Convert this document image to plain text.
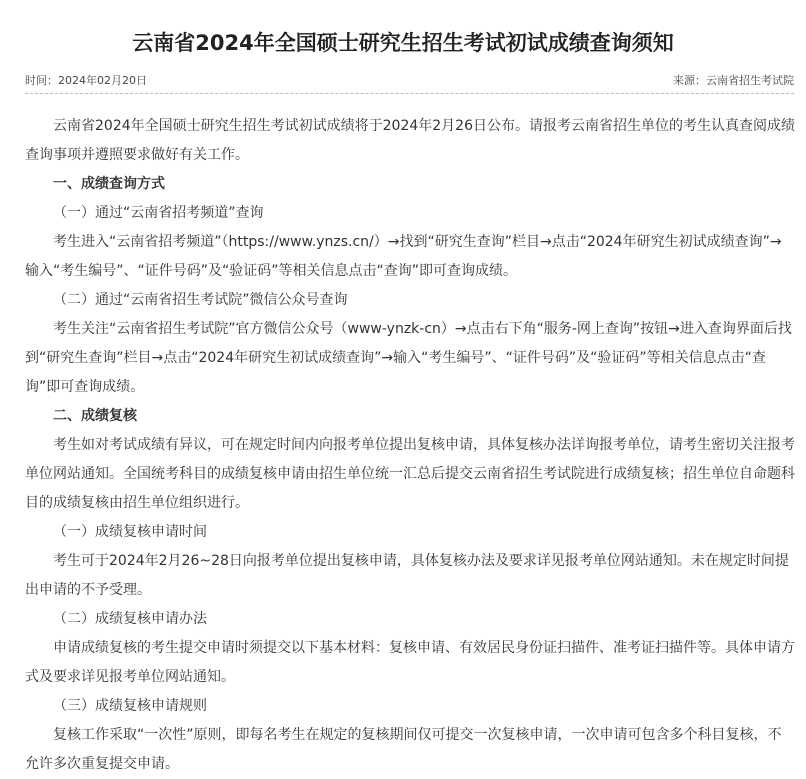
云南省2024年全国硕士研究生招生考试初试成绩查询须知
时间：2024年02月20日	来源：云南省招生考试院

云南省2024年全国硕士研究生招生考试初试成绩将于2024年2月26日公布。请报考云南省招生单位的考生认真查阅成绩查询事项并遵照要求做好有关工作。

一、成绩查询方式

（一）通过“云南省招考频道”查询

考生进入“云南省招考频道”（https://www.ynzs.cn/）→找到“研究生查询”栏目→点击“2024年研究生初试成绩查询”→输入“考生编号”、“证件号码”及“验证码”等相关信息点击“查询”即可查询成绩。

（二）通过“云南省招生考试院”微信公众号查询

考生关注“云南省招生考试院”官方微信公众号（www-ynzk-cn）→点击右下角“服务-网上查询”按钮→进入查询界面后找到“研究生查询”栏目→点击“2024年研究生初试成绩查询”→输入“考生编号”、“证件号码”及“验证码”等相关信息点击“查询”即可查询成绩。

二、成绩复核

考生如对考试成绩有异议，可在规定时间内向报考单位提出复核申请，具体复核办法详询报考单位，请考生密切关注报考单位网站通知。全国统考科目的成绩复核申请由招生单位统一汇总后提交云南省招生考试院进行成绩复核；招生单位自命题科目的成绩复核由招生单位组织进行。

（一）成绩复核申请时间

考生可于2024年2月26~28日向报考单位提出复核申请，具体复核办法及要求详见报考单位网站通知。未在规定时间提出申请的不予受理。

（二）成绩复核申请办法

申请成绩复核的考生提交申请时须提交以下基本材料：复核申请、有效居民身份证扫描件、准考证扫描件等。具体申请方式及要求详见报考单位网站通知。

（三）成绩复核申请规则

复核工作采取“一次性”原则，即每名考生在规定的复核期间仅可提交一次复核申请，一次申请可包含多个科目复核，不允许多次重复提交申请。
